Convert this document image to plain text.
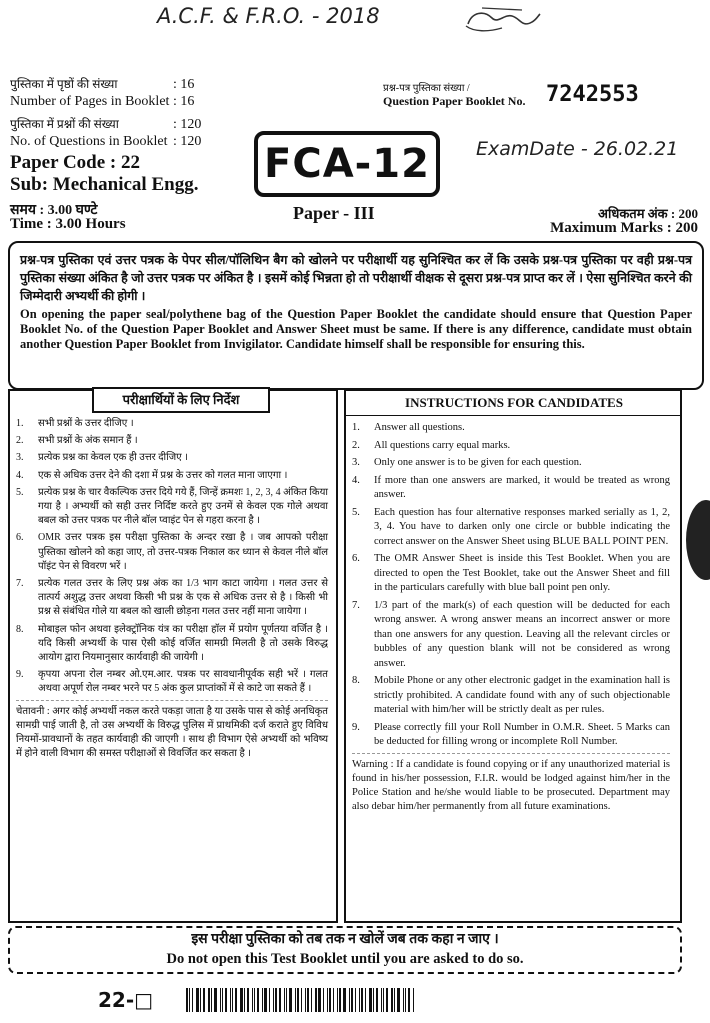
A.C.F. & F.R.O. - 2018
ExamDate - 26.02.21
पुस्तिका में पृष्ठों की संख्या
Number of Pages in Booklet : 16
पुस्तिका में प्रश्नों की संख्या
No. of Questions in Booklet : 120
: 16
: 120
Paper Code : 22
Sub: Mechanical Engg.
समय : 3.00 घण्टे
Time : 3.00 Hours
प्रश्न-पत्र पुस्तिका संख्या /
Question Paper Booklet No. 7242553
FCA-12
Paper - III	अधिकतम अंक : 200
Maximum Marks : 200
प्रश्न-पत्र पुस्तिका एवं उत्तर पत्रक के पेपर सील/पॉलिथिन बैग को खोलने पर परीक्षार्थी यह सुनिश्चित कर लें कि उसके प्रश्न-पत्र पुस्तिका पर वही प्रश्न-पत्र पुस्तिका संख्या अंकित है जो उत्तर पत्रक पर अंकित है । इसमें कोई भिन्नता हो तो परीक्षार्थी वीक्षक से दूसरा प्रश्न-पत्र प्राप्त कर लें । ऐसा सुनिश्चित करने की जिम्मेदारी अभ्यर्थी की होगी ।
On opening the paper seal/polythene bag of the Question Paper Booklet the candidate should ensure that Question Paper Booklet No. of the Question Paper Booklet and Answer Sheet must be same. If there is any difference, candidate must obtain another Question Paper Booklet from Invigilator. Candidate himself shall be responsible for ensuring this.
परीक्षार्थियों के लिए निर्देश
1.	सभी प्रश्नों के उत्तर दीजिए ।
2.	सभी प्रश्नों के अंक समान हैं ।
3.	प्रत्येक प्रश्न का केवल एक ही उत्तर दीजिए ।
4.	एक से अधिक उत्तर देने की दशा में प्रश्न के उत्तर को गलत माना जाएगा ।
5.	प्रत्येक प्रश्न के चार वैकल्पिक उत्तर दिये गये हैं, जिन्हें क्रमशः 1, 2, 3, 4 अंकित किया गया है । अभ्यर्थी को सही उत्तर निर्दिष्ट करते हुए उनमें से केवल एक गोले अथवा बबल को उत्तर पत्रक पर नीले बॉल प्वाइंट पेन से गहरा करना है ।
6.	OMR उत्तर पत्रक इस परीक्षा पुस्तिका के अन्दर रखा है । जब आपको परीक्षा पुस्तिका खोलने को कहा जाए, तो उत्तर-पत्रक निकाल कर ध्यान से केवल नीले बॉल पॉइंट पेन से विवरण भरें ।
7.	प्रत्येक गलत उत्तर के लिए प्रश्न अंक का 1/3 भाग काटा जायेगा । गलत उत्तर से तात्पर्य अशुद्ध उत्तर अथवा किसी भी प्रश्न के एक से अधिक उत्तर से है । किसी भी प्रश्न से संबंधित गोले या बबल को खाली छोड़ना गलत उत्तर नहीं माना जायेगा ।
8.	मोबाइल फोन अथवा इलेक्ट्रॉनिक यंत्र का परीक्षा हॉल में प्रयोग पूर्णतया वर्जित है । यदि किसी अभ्यर्थी के पास ऐसी कोई वर्जित सामग्री मिलती है तो उसके विरुद्ध आयोग द्वारा नियमानुसार कार्यवाही की जायेगी ।
9.	कृपया अपना रोल नम्बर ओ.एम.आर. पत्रक पर सावधानीपूर्वक सही भरें । गलत अथवा अपूर्ण रोल नम्बर भरने पर 5 अंक कुल प्राप्तांकों में से काटे जा सकते हैं ।
चेतावनी : अगर कोई अभ्यर्थी नकल करते पकड़ा जाता है या उसके पास से कोई अनधिकृत सामग्री पाई जाती है, तो उस अभ्यर्थी के विरुद्ध पुलिस में प्राथमिकी दर्ज कराते हुए विविध नियमों-प्रावधानों के तहत कार्यवाही की जाएगी । साथ ही विभाग ऐसे अभ्यर्थी को भविष्य में होने वाली विभाग की समस्त परीक्षाओं से विवर्जित कर सकता है ।
INSTRUCTIONS FOR CANDIDATES
1.	Answer all questions.
2.	All questions carry equal marks.
3.	Only one answer is to be given for each question.
4.	If more than one answers are marked, it would be treated as wrong answer.
5.	Each question has four alternative responses marked serially as 1, 2, 3, 4. You have to darken only one circle or bubble indicating the correct answer on the Answer Sheet using BLUE BALL POINT PEN.
6.	The OMR Answer Sheet is inside this Test Booklet. When you are directed to open the Test Booklet, take out the Answer Sheet and fill in the particulars carefully with blue ball point pen only.
7.	1/3 part of the mark(s) of each question will be deducted for each wrong answer. A wrong answer means an incorrect answer or more than one answers for any question. Leaving all the relevant circles or bubbles of any question blank will not be considered as wrong answer.
8.	Mobile Phone or any other electronic gadget in the examination hall is strictly prohibited. A candidate found with any of such objectionable material with him/her will be strictly dealt as per rules.
9.	Please correctly fill your Roll Number in O.M.R. Sheet. 5 Marks can be deducted for filling wrong or incomplete Roll Number.
Warning : If a candidate is found copying or if any unauthorized material is found in his/her possession, F.I.R. would be lodged against him/her in the Police Station and he/she would liable to be prosecuted. Department may also debar him/her permanently from all future examinations.
इस परीक्षा पुस्तिका को तब तक न खोलें जब तक कहा न जाए ।
Do not open this Test Booklet until you are asked to do so.
22-□
